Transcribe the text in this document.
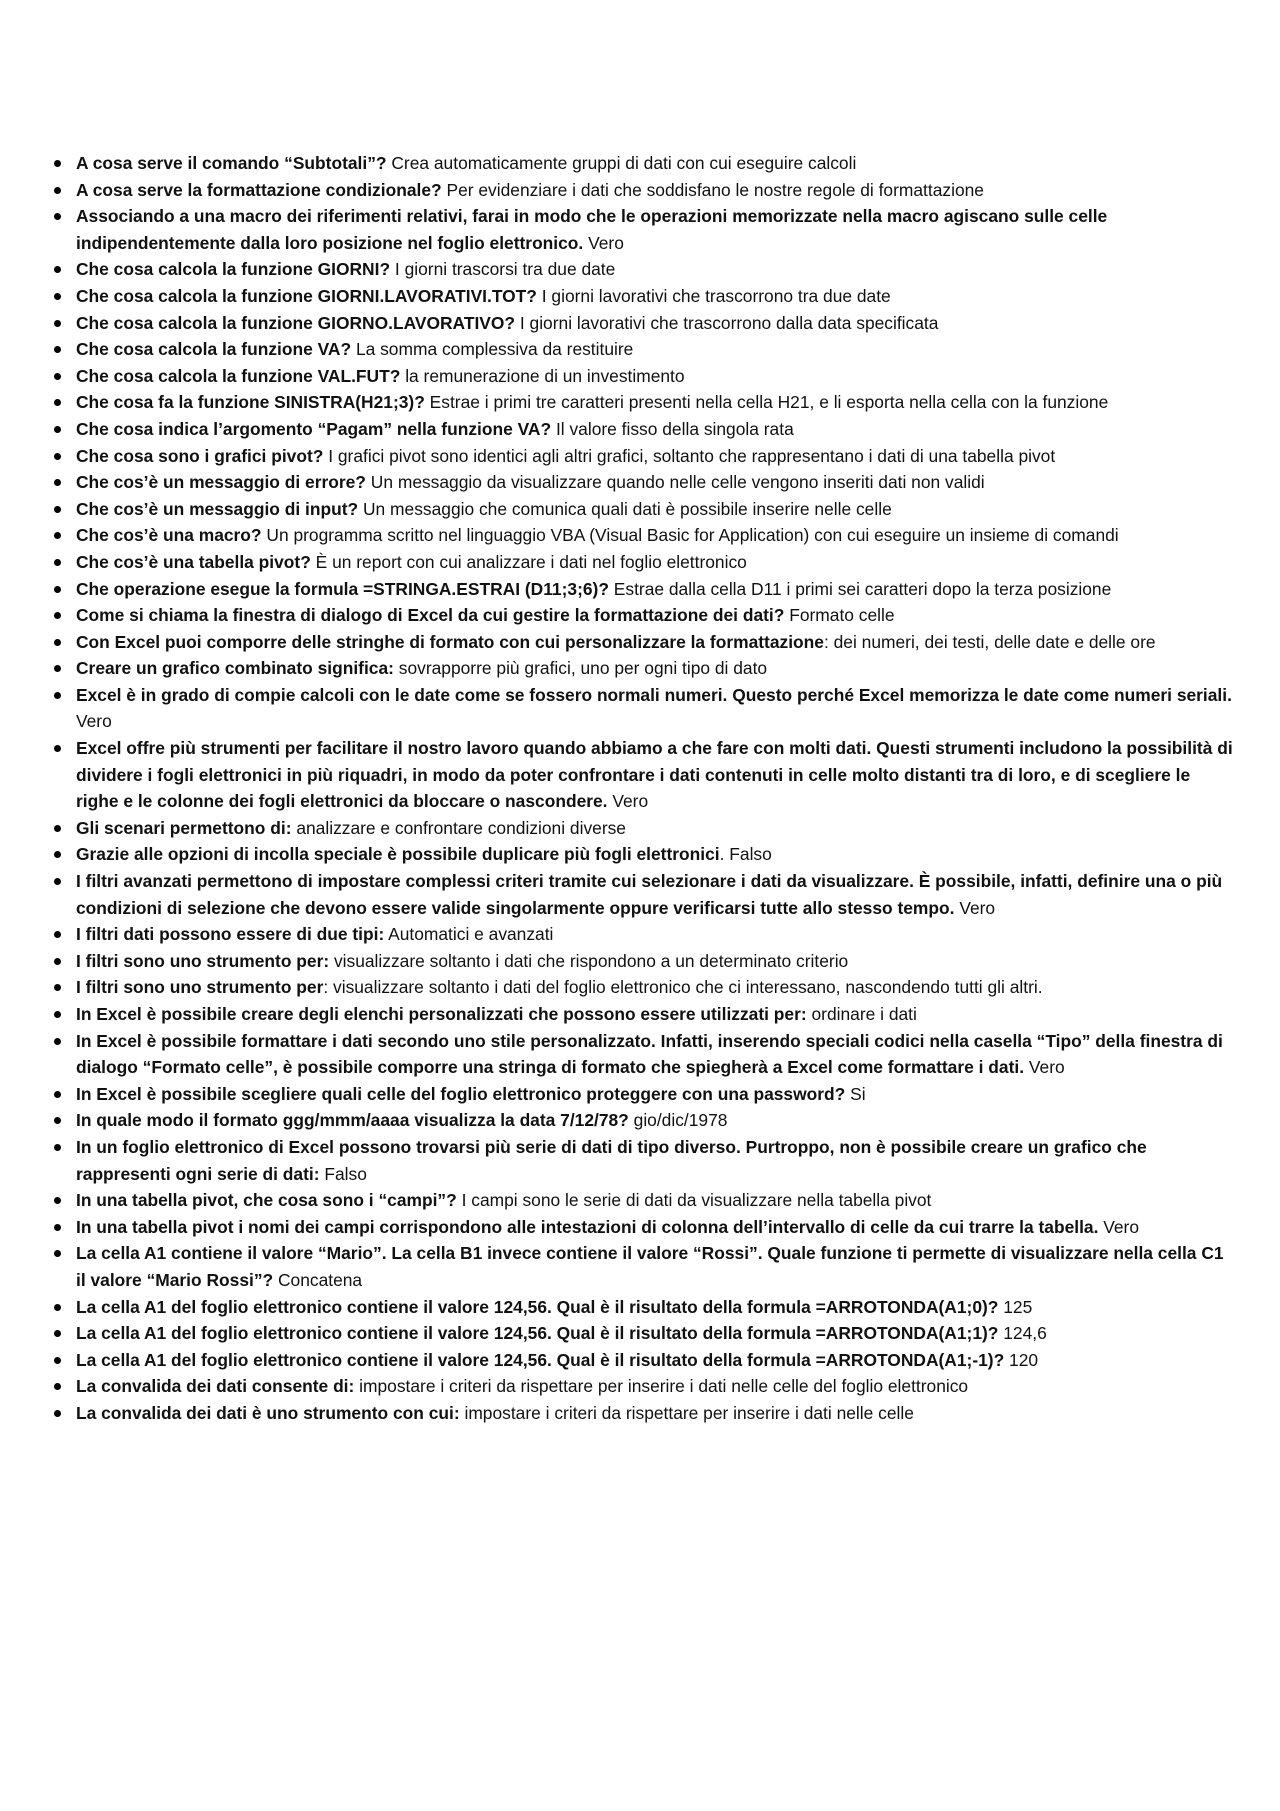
A cosa serve il comando “Subtotali”? Crea automaticamente gruppi di dati con cui eseguire calcoli
A cosa serve la formattazione condizionale? Per evidenziare i dati che soddisfano le nostre regole di formattazione
Associando a una macro dei riferimenti relativi, farai in modo che le operazioni memorizzate nella macro agiscano sulle celle indipendentemente dalla loro posizione nel foglio elettronico. Vero
Che cosa calcola la funzione GIORNI? I giorni trascorsi tra due date
Che cosa calcola la funzione GIORNI.LAVORATIVI.TOT? I giorni lavorativi che trascorrono tra due date
Che cosa calcola la funzione GIORNO.LAVORATIVO? I giorni lavorativi che trascorrono dalla data specificata
Che cosa calcola la funzione VA? La somma complessiva da restituire
Che cosa calcola la funzione VAL.FUT? la remunerazione di un investimento
Che cosa fa la funzione SINISTRA(H21;3)? Estrae i primi tre caratteri presenti nella cella H21, e li esporta nella cella con la funzione
Che cosa indica l’argomento “Pagam” nella funzione VA? Il valore fisso della singola rata
Che cosa sono i grafici pivot? I grafici pivot sono identici agli altri grafici, soltanto che rappresentano i dati di una tabella pivot
Che cos’è un messaggio di errore? Un messaggio da visualizzare quando nelle celle vengono inseriti dati non validi
Che cos’è un messaggio di input? Un messaggio che comunica quali dati è possibile inserire nelle celle
Che cos’è una macro? Un programma scritto nel linguaggio VBA (Visual Basic for Application) con cui eseguire un insieme di comandi
Che cos’è una tabella pivot? È un report con cui analizzare i dati nel foglio elettronico
Che operazione esegue la formula =STRINGA.ESTRAI (D11;3;6)? Estrae dalla cella D11 i primi sei caratteri dopo la terza posizione
Come si chiama la finestra di dialogo di Excel da cui gestire la formattazione dei dati? Formato celle
Con Excel puoi comporre delle stringhe di formato con cui personalizzare la formattazione: dei numeri, dei testi, delle date e delle ore
Creare un grafico combinato significa: sovrapporre più grafici, uno per ogni tipo di dato
Excel è in grado di compie calcoli con le date come se fossero normali numeri. Questo perché Excel memorizza le date come numeri seriali. Vero
Excel offre più strumenti per facilitare il nostro lavoro quando abbiamo a che fare con molti dati. Questi strumenti includono la possibilità di dividere i fogli elettronici in più riquadri, in modo da poter confrontare i dati contenuti in celle molto distanti tra di loro, e di scegliere le righe e le colonne dei fogli elettronici da bloccare o nascondere. Vero
Gli scenari permettono di: analizzare e confrontare condizioni diverse
Grazie alle opzioni di incolla speciale è possibile duplicare più fogli elettronici. Falso
I filtri avanzati permettono di impostare complessi criteri tramite cui selezionare i dati da visualizzare. È possibile, infatti, definire una o più condizioni di selezione che devono essere valide singolarmente oppure verificarsi tutte allo stesso tempo. Vero
I filtri dati possono essere di due tipi: Automatici e avanzati
I filtri sono uno strumento per: visualizzare soltanto i dati che rispondono a un determinato criterio
I filtri sono uno strumento per: visualizzare soltanto i dati del foglio elettronico che ci interessano, nascondendo tutti gli altri.
In Excel è possibile creare degli elenchi personalizzati che possono essere utilizzati per: ordinare i dati
In Excel è possibile formattare i dati secondo uno stile personalizzato. Infatti, inserendo speciali codici nella casella “Tipo” della finestra di dialogo “Formato celle”, è possibile comporre una stringa di formato che spiegherà a Excel come formattare i dati. Vero
In Excel è possibile scegliere quali celle del foglio elettronico proteggere con una password? Si
In quale modo il formato ggg/mmm/aaaa visualizza la data 7/12/78? gio/dic/1978
In un foglio elettronico di Excel possono trovarsi più serie di dati di tipo diverso. Purtroppo, non è possibile creare un grafico che rappresenti ogni serie di dati: Falso
In una tabella pivot, che cosa sono i “campi”? I campi sono le serie di dati da visualizzare nella tabella pivot
In una tabella pivot i nomi dei campi corrispondono alle intestazioni di colonna dell’intervallo di celle da cui trarre la tabella. Vero
La cella A1 contiene il valore “Mario”. La cella B1 invece contiene il valore “Rossi”. Quale funzione ti permette di visualizzare nella cella C1 il valore “Mario Rossi”? Concatena
La cella A1 del foglio elettronico contiene il valore 124,56. Qual è il risultato della formula =ARROTONDA(A1;0)? 125
La cella A1 del foglio elettronico contiene il valore 124,56. Qual è il risultato della formula =ARROTONDA(A1;1)? 124,6
La cella A1 del foglio elettronico contiene il valore 124,56. Qual è il risultato della formula =ARROTONDA(A1;-1)? 120
La convalida dei dati consente di: impostare i criteri da rispettare per inserire i dati nelle celle del foglio elettronico
La convalida dei dati è uno strumento con cui: impostare i criteri da rispettare per inserire i dati nelle celle
